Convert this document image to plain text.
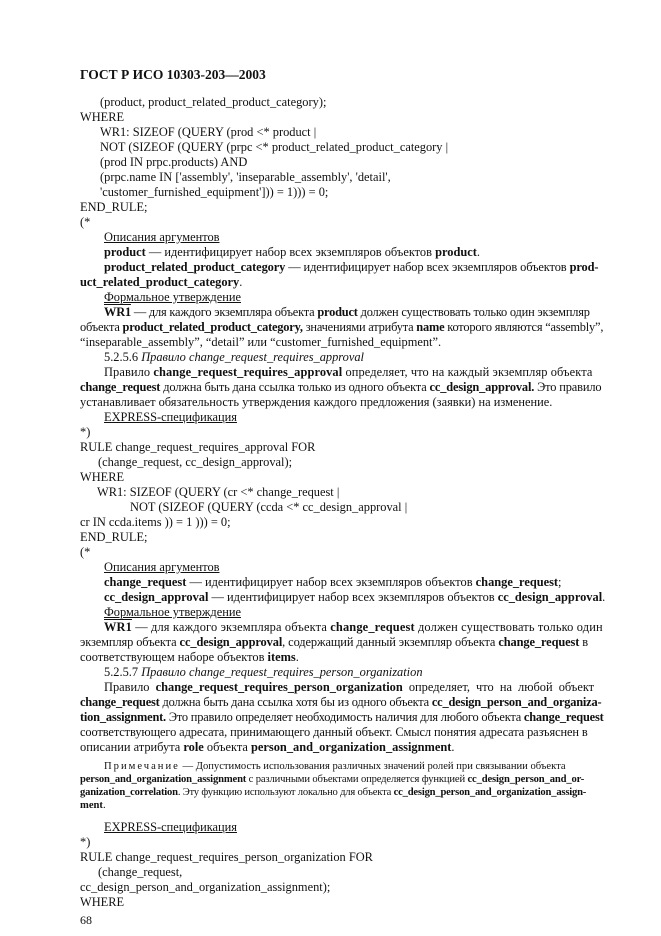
ГОСТ Р ИСО 10303-203—2003
(product, product_related_product_category);
WHERE
WR1: SIZEOF (QUERY (prod <* product |
NOT (SIZEOF (QUERY (prpc <* product_related_product_category |
(prod IN prpc.products) AND
(prpc.name IN ['assembly', 'inseparable_assembly', 'detail',
'customer_furnished_equipment'])) = 1))) = 0;
END_RULE;
(*
Описания аргументов
product — идентифицирует набор всех экземпляров объектов product.
product_related_product_category — идентифицирует набор всех экземпляров объектов prod-
uct_related_product_category.
Формальное утверждение
WR1 — для каждого экземпляра объекта product должен существовать только один экземпляр
объекта product_related_product_category, значениями атрибута name которого являются “assembly”,
“inseparable_assembly”, “detail” или “customer_furnished_equipment”.
5.2.5.6 Правило change_request_requires_approval
Правило change_request_requires_approval определяет, что на каждый экземпляр объекта
change_request должна быть дана ссылка только из одного объекта cc_design_approval. Это правило
устанавливает обязательность утверждения каждого предложения (заявки) на изменение.
EXPRESS-спецификация
*)
RULE change_request_requires_approval FOR
(change_request, cc_design_approval);
WHERE
WR1: SIZEOF (QUERY (cr <* change_request |
NOT (SIZEOF (QUERY (ccda <* cc_design_approval |
cr IN ccda.items )) = 1 ))) = 0;
END_RULE;
(*
Описания аргументов
change_request — идентифицирует набор всех экземпляров объектов change_request;
cc_design_approval — идентифицирует набор всех экземпляров объектов cc_design_approval.
Формальное утверждение
WR1 — для каждого экземпляра объекта change_request должен существовать только один
экземпляр объекта cc_design_approval, содержащий данный экземпляр объекта change_request в
соответствующем наборе объектов items.
5.2.5.7 Правило change_request_requires_person_organization
Правило change_request_requires_person_organization определяет, что на любой объект
change_request должна быть дана ссылка хотя бы из одного объекта cc_design_person_and_organiza-
tion_assignment. Это правило определяет необходимость наличия для любого объекта change_request
соответствующего адресата, принимающего данный объект. Смысл понятия адресата разъяснен в
описании атрибута role объекта person_and_organization_assignment.
Примечание — Допустимость использования различных значений ролей при связывании объекта
person_and_organization_assignment с различными объектами определяется функцией cc_design_person_and_or-
ganization_correlation. Эту функцию используют локально для объекта cc_design_person_and_organization_assign-
ment.
EXPRESS-спецификация
*)
RULE change_request_requires_person_organization FOR
(change_request,
cc_design_person_and_organization_assignment);
WHERE
68
